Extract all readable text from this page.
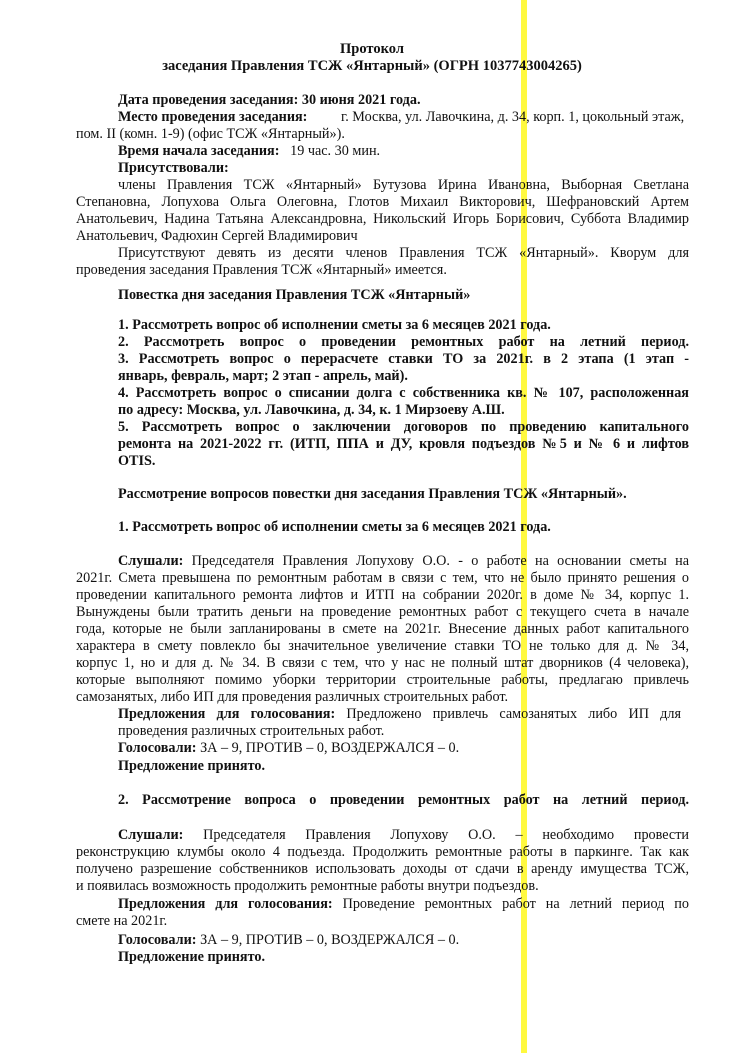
Протокол
заседания Правления ТСЖ «Янтарный» (ОГРН 1037743004265)
Дата проведения заседания: 30 июня 2021 года.
Место проведения заседания: г. Москва, ул. Лавочкина, д. 34, корп. 1, цокольный этаж,
пом. II (комн. 1-9) (офис ТСЖ «Янтарный»).
Время начала заседания: 19 час. 30 мин.
Присутствовали:
члены Правления ТСЖ «Янтарный» Бутузова Ирина Ивановна, Выборная Светлана
Степановна, Лопухова Ольга Олеговна, Глотов Михаил Викторович, Шефрановский Артем
Анатольевич, Надина Татьяна Александровна, Никольский Игорь Борисович, Суббота Владимир
Анатольевич, Фадюхин Сергей Владимирович
Присутствуют девять из десяти членов Правления ТСЖ «Янтарный». Кворум для
проведения заседания Правления ТСЖ «Янтарный» имеется.
Повестка дня заседания Правления ТСЖ «Янтарный»
1. Рассмотреть вопрос об исполнении сметы за 6 месяцев 2021 года.
2. Рассмотреть вопрос о проведении ремонтных работ на летний период.
3. Рассмотреть вопрос о перерасчете ставки ТО за 2021г. в 2 этапа (1 этап -
январь, февраль, март; 2 этап - апрель, май).
4. Рассмотреть вопрос о списании долга с собственника кв. № 107, расположенная
по адресу: Москва, ул. Лавочкина, д. 34, к. 1 Мирзоеву А.Ш.
5. Рассмотреть вопрос о заключении договоров по проведению капитального
ремонта на 2021-2022 гг. (ИТП, ППА и ДУ, кровля подъездов №5 и № 6 и лифтов
OTIS.
Рассмотрение вопросов повестки дня заседания Правления ТСЖ «Янтарный».
1. Рассмотреть вопрос об исполнении сметы за 6 месяцев 2021 года.
Слушали: Председателя Правления Лопухову О.О. - о работе на основании сметы на
2021г. Смета превышена по ремонтным работам в связи с тем, что не было принято решения о
проведении капитального ремонта лифтов и ИТП на собрании 2020г. в доме № 34, корпус 1.
Вынуждены были тратить деньги на проведение ремонтных работ с текущего счета в начале
года, которые не были запланированы в смете на 2021г. Внесение данных работ капитального
характера в смету повлекло бы значительное увеличение ставки ТО не только для д. № 34,
корпус 1, но и для д. № 34. В связи с тем, что у нас не полный штат дворников (4 человека),
которые выполняют помимо уборки территории строительные работы, предлагаю привлечь
самозанятых, либо ИП для проведения различных строительных работ.
Предложения для голосования: Предложено привлечь самозанятых либо ИП для
проведения различных строительных работ.
Голосовали: ЗА – 9, ПРОТИВ – 0, ВОЗДЕРЖАЛСЯ – 0.
Предложение принято.
2. Рассмотрение вопроса о проведении ремонтных работ на летний период.
Слушали: Председателя Правления Лопухову О.О. – необходимо провести
реконструкцию клумбы около 4 подъезда. Продолжить ремонтные работы в паркинге. Так как
получено разрешение собственников использовать доходы от сдачи в аренду имущества ТСЖ,
и появилась возможность продолжить ремонтные работы внутри подъездов.
Предложения для голосования: Проведение ремонтных работ на летний период по
смете на 2021г.
Голосовали: ЗА – 9, ПРОТИВ – 0, ВОЗДЕРЖАЛСЯ – 0.
Предложение принято.
